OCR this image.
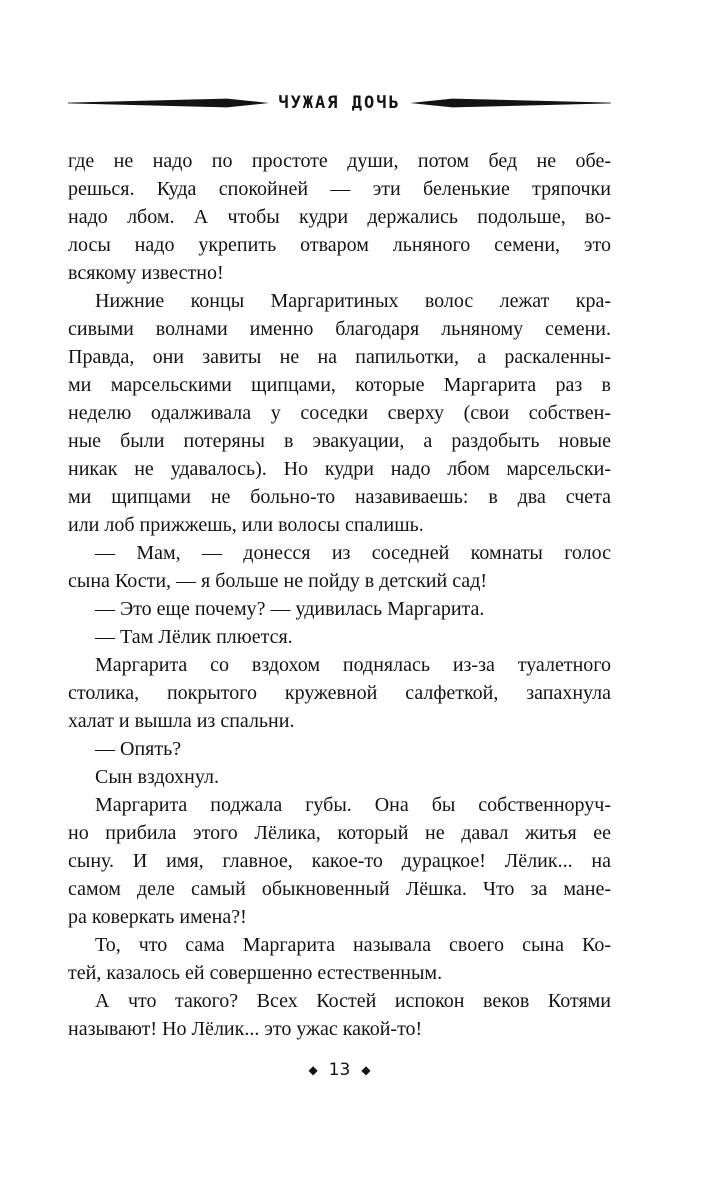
ЧУЖАЯ ДОЧЬ
где не надо по простоте души, потом бед не обе-
решься. Куда спокойней — эти беленькие тряпочки
надо лбом. А чтобы кудри держались подольше, во-
лосы надо укрепить отваром льняного семени, это
всякому известно!
Нижние концы Маргаритиных волос лежат кра-
сивыми волнами именно благодаря льняному семени.
Правда, они завиты не на папильотки, а раскаленны-
ми марсельскими щипцами, которые Маргарита раз в
неделю одалживала у соседки сверху (свои собствен-
ные были потеряны в эвакуации, а раздобыть новые
никак не удавалось). Но кудри надо лбом марсельски-
ми щипцами не больно-то назавиваешь: в два счета
или лоб прижжешь, или волосы спалишь.
— Мам, — донесся из соседней комнаты голос
сына Кости, — я больше не пойду в детский сад!
— Это еще почему? — удивилась Маргарита.
— Там Лёлик плюется.
Маргарита со вздохом поднялась из-за туалетного
столика, покрытого кружевной салфеткой, запахнула
халат и вышла из спальни.
— Опять?
Сын вздохнул.
Маргарита поджала губы. Она бы собственноруч-
но прибила этого Лёлика, который не давал житья ее
сыну. И имя, главное, какое-то дурацкое! Лёлик... на
самом деле самый обыкновенный Лёшка. Что за мане-
ра коверкать имена?!
То, что сама Маргарита называла своего сына Ко-
тей, казалось ей совершенно естественным.
А что такого? Всех Костей испокон веков Котями
называют! Но Лёлик... это ужас какой-то!
◆ 13 ◆
